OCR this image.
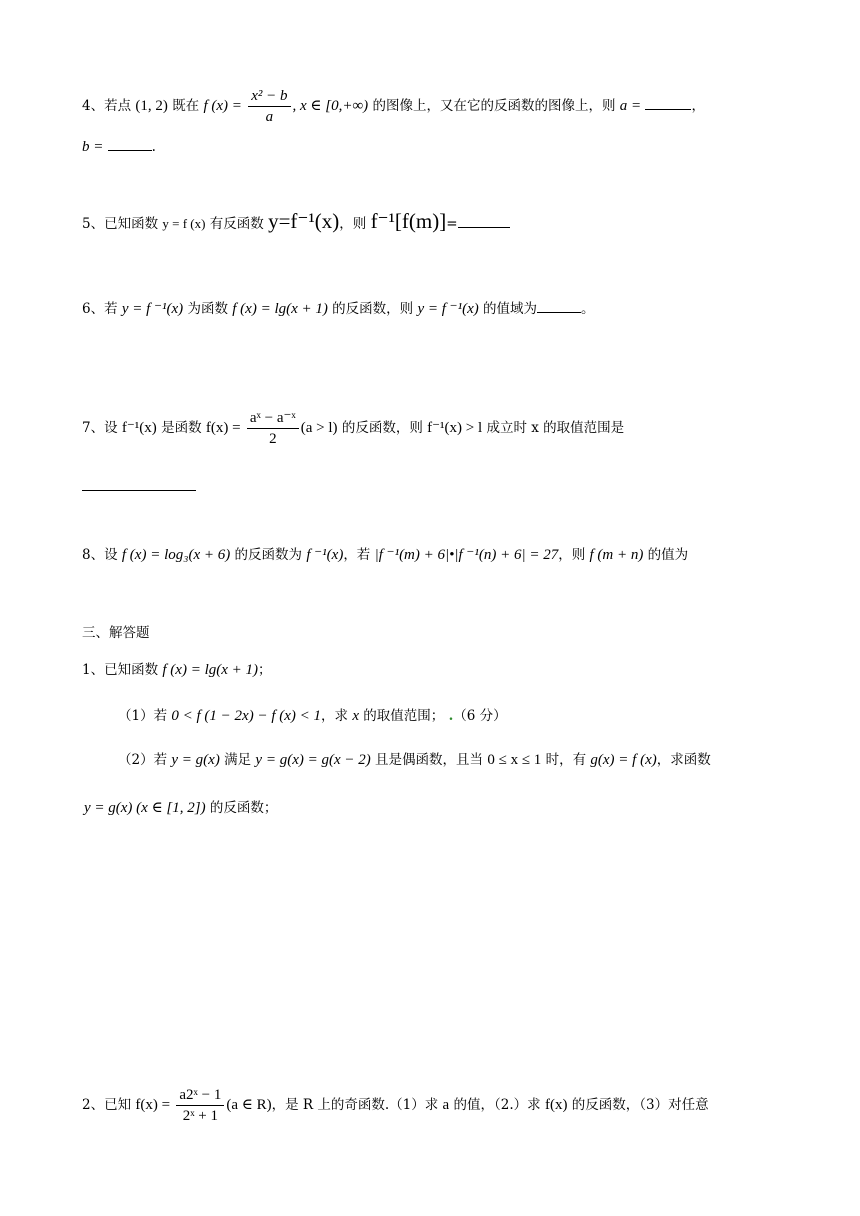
4、若点 (1, 2) 既在 f $(x) = \frac{\text{x² − b}}{a}$ , x ∈ [0,+∞) 的图像上，又在它的反函数的图像上，则 a =	，
b =	.
5、已知函数 y = f (x) 有反函数 y=f⁻¹(x)，则 f⁻¹[f(m)]=
6、若 y = f ⁻¹(x) 为函数 f (x) = lg(x + 1) 的反函数，则 y = f ⁻¹(x) 的值域为	。
7、设 f⁻¹(x) 是函数 $f(x) = \frac{\text{aˣ − a⁻ˣ}}{2} (a > l)$ 的反函数，则 f⁻¹(x) > l 成立时 x 的取值范围是
8、设 f (x) = log₃(x + 6) 的反函数为 f ⁻¹(x)，若 |f ⁻¹(m) + 6|•|f ⁻¹(n) + 6| = 27，则 f (m + n) 的值为
三、解答题
1、已知函数 f (x) = lg(x + 1)；
（1）若 0 < f (1 − 2x) − f (x) < 1，求 x 的取值范围； .（6 分）
（2）若 y = g(x) 满足 y = g(x) = g(x − 2) 且是偶函数，且当 0 ≤ x ≤ 1 时，有 g(x) = f (x)，求函数
y = g(x) (x ∈ [1, 2]) 的反函数；
2、已知 $f(x) = \frac{\text{a2ˣ − 1}}{\text{2ˣ + 1}} (a$ ∈ R)，是 R 上的奇函数.（1）求 a 的值，（2.）求 f(x) 的反函数，（3）对任意
